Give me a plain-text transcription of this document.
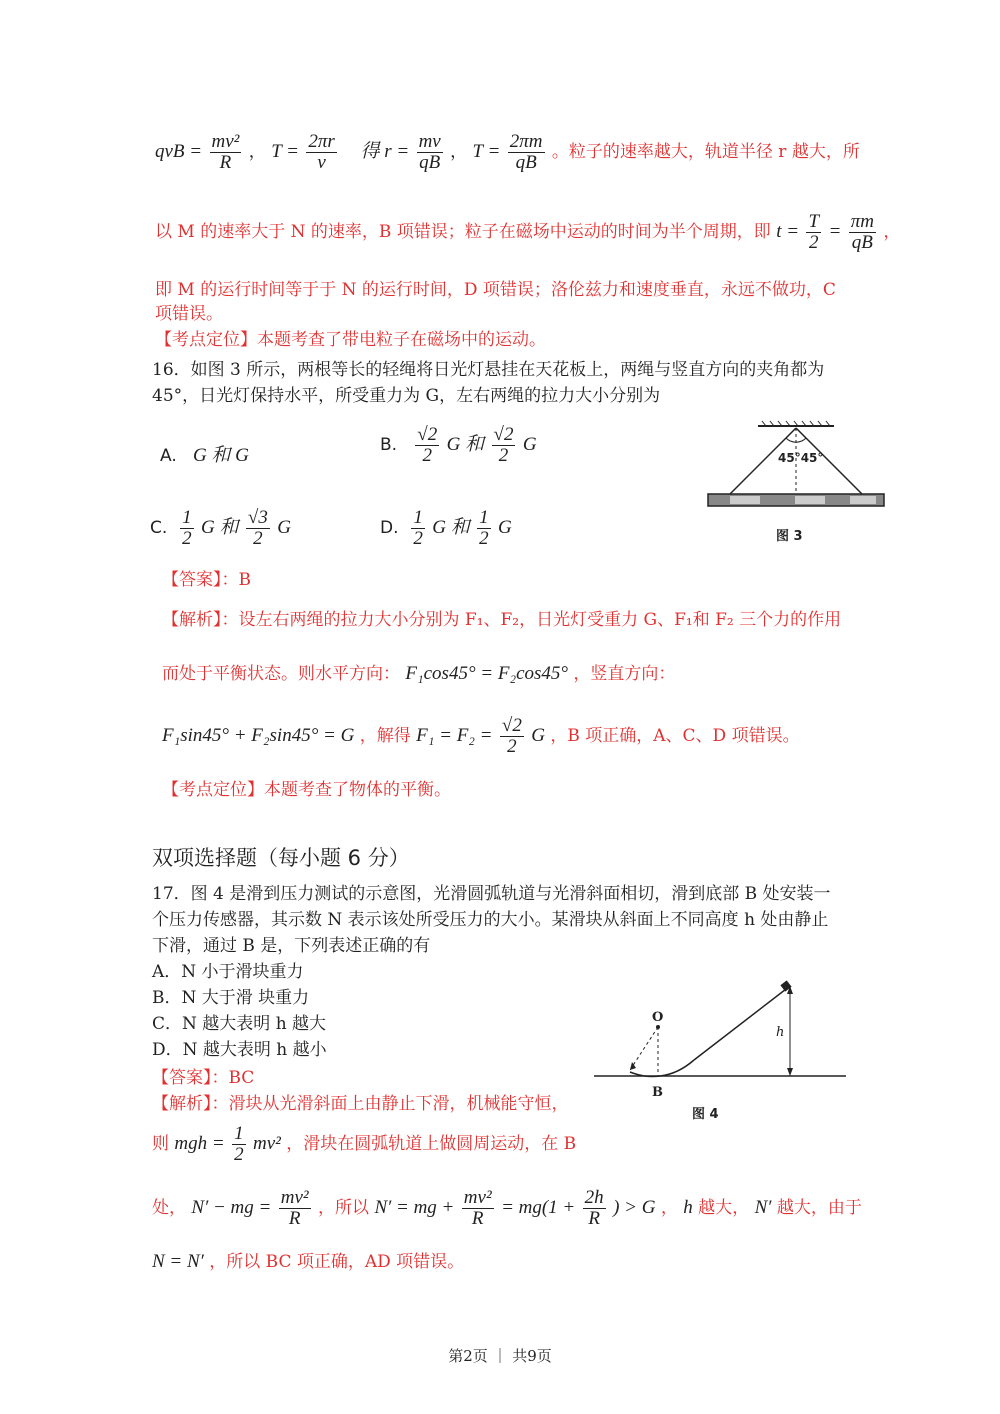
qvB = $\frac{\text{mv²}}{R}$ ， $T = \frac{2\pi r}{v}$ 得 $r = \frac{mv}{qB}$ ， $T = \frac{2\pi m}{qB}$ 。粒子的速率越大，轨道半径 r 越大，所
以 M 的速率大于 N 的速率，B 项错误；粒子在磁场中运动的时间为半个周期，即 $t = \frac{T}{2} = \frac{\pi m}{qB}$ ，
即 M 的运行时间等于于 N 的运行时间，D 项错误；洛伦兹力和速度垂直，永远不做功，C
项错误。
【考点定位】本题考查了带电粒子在磁场中的运动。
16．如图 3 所示，两根等长的轻绳将日光灯悬挂在天花板上，两绳与竖直方向的夹角都为
45°，日光灯保持水平，所受重力为 G，左右两绳的拉力大小分别为
A. G 和 G	B. $\frac{√2}{2}$ G 和 $\frac{√2}{2}$ G
C. $\frac{1}{2}$ G 和 $\frac{√3}{2}$ G	D. $\frac{1}{2}$ G 和 $\frac{1}{2}$ G
45°45°
图 3
【答案】：B
【解析】：设左右两绳的拉力大小分别为 F₁、F₂，日光灯受重力 G、F₁和 F₂ 三个力的作用
而处于平衡状态。则水平方向： F₁cos45° = F₂cos45° ，竖直方向：
F₁sin45° + F₂sin45° = G ，解得 $F_1 = F_2 = \frac{√2}{2}$ G ，B 项正确，A、C、D 项错误。
【考点定位】本题考查了物体的平衡。
双项选择题（每小题 6 分）
17．图 4 是滑到压力测试的示意图，光滑圆弧轨道与光滑斜面相切，滑到底部 B 处安装一
个压力传感器，其示数 N 表示该处所受压力的大小。某滑块从斜面上不同高度 h 处由静止
下滑，通过 B 是，下列表述正确的有
A．N 小于滑块重力
B．N 大于滑 块重力
C．N 越大表明 h 越大
D．N 越大表明 h 越小
O
B
h
图 4
【答案】：BC
【解析】：滑块从光滑斜面上由静止下滑，机械能守恒，
则 mgh = $\frac{1}{2} mv^2$ ，滑块在圆弧轨道上做圆周运动，在 B
处， N′ − mg = $\frac{\text{mv²}}{R}$ ，所以 N′ = mg + $\frac{\text{mv²}}{R} = mg(1 + \frac{2h}{R}$ ) > G ， h 越大， N′ 越大，由于
N = N′ ，所以 BC 项正确，AD 项错误。
第2页 ｜ 共9页
